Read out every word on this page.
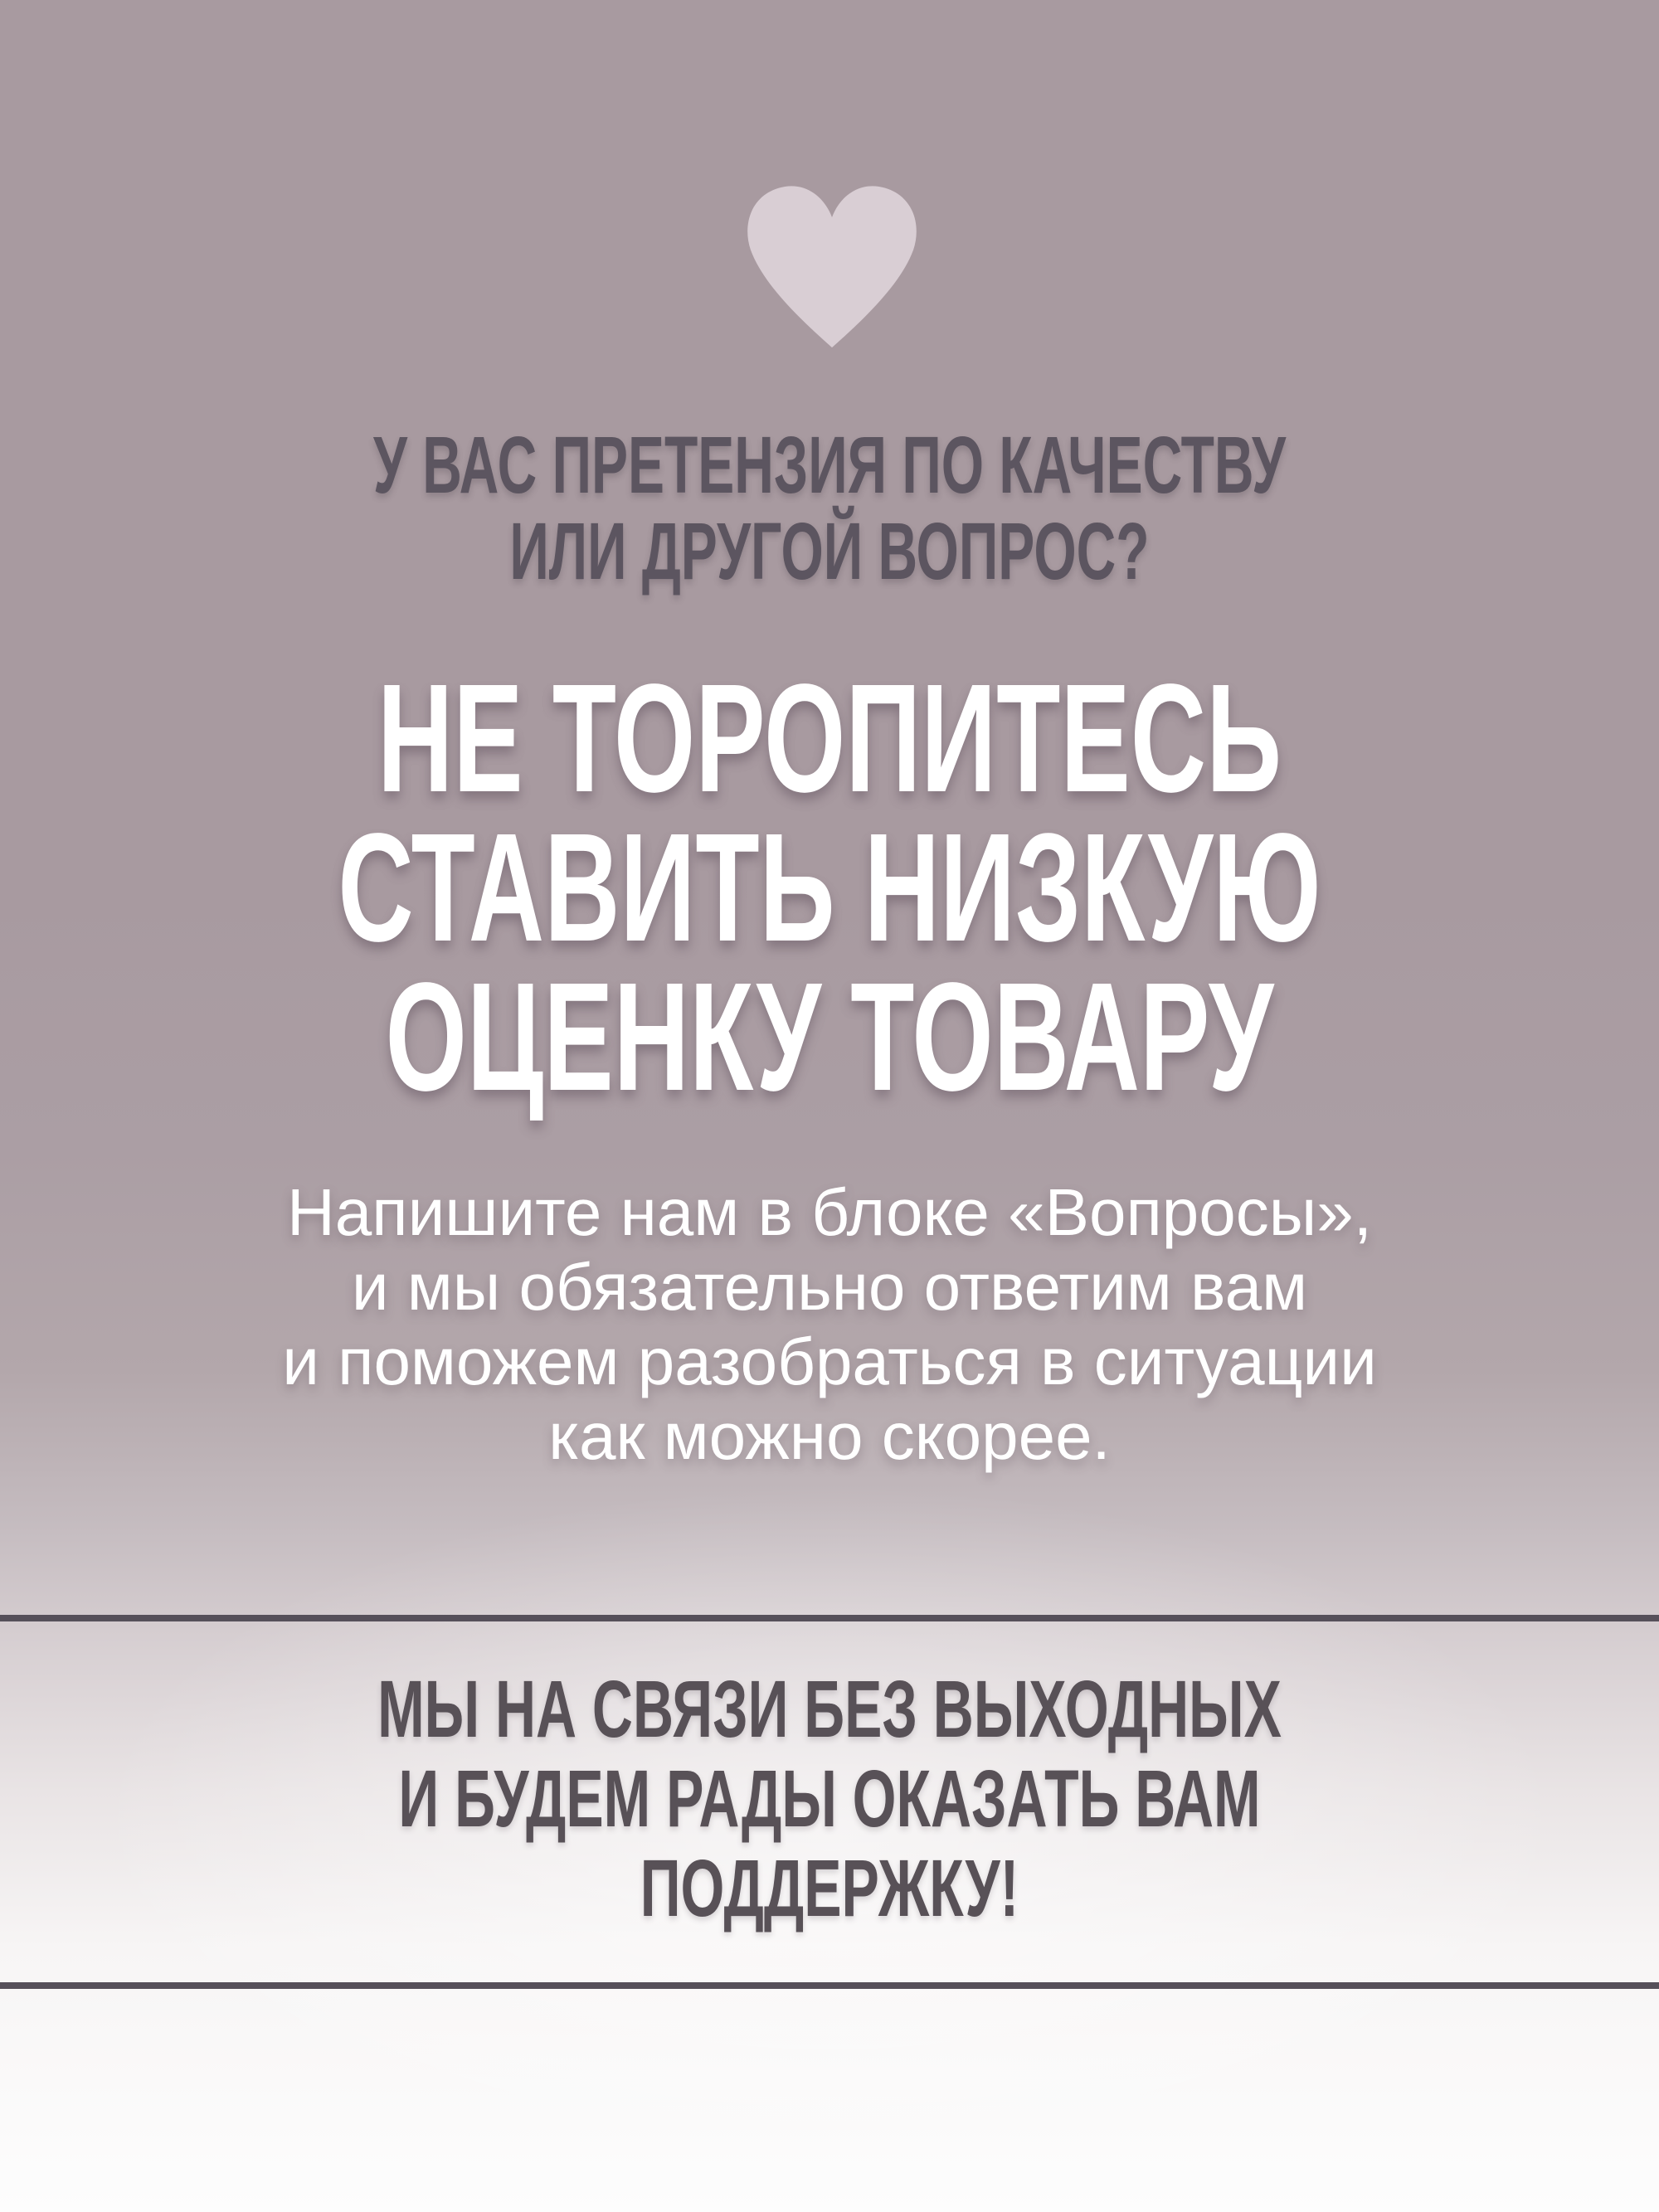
У ВАС ПРЕТЕНЗИЯ ПО КАЧЕСТВУ
ИЛИ ДРУГОЙ ВОПРОС?
НЕ ТОРОПИТЕСЬ
СТАВИТЬ НИЗКУЮ
ОЦЕНКУ ТОВАРУ
Напишите нам в блоке «Вопросы»,
и мы обязательно ответим вам
и поможем разобраться в ситуации
как можно скорее.
МЫ НА СВЯЗИ БЕЗ ВЫХОДНЫХ
И БУДЕМ РАДЫ ОКАЗАТЬ ВАМ
ПОДДЕРЖКУ!
